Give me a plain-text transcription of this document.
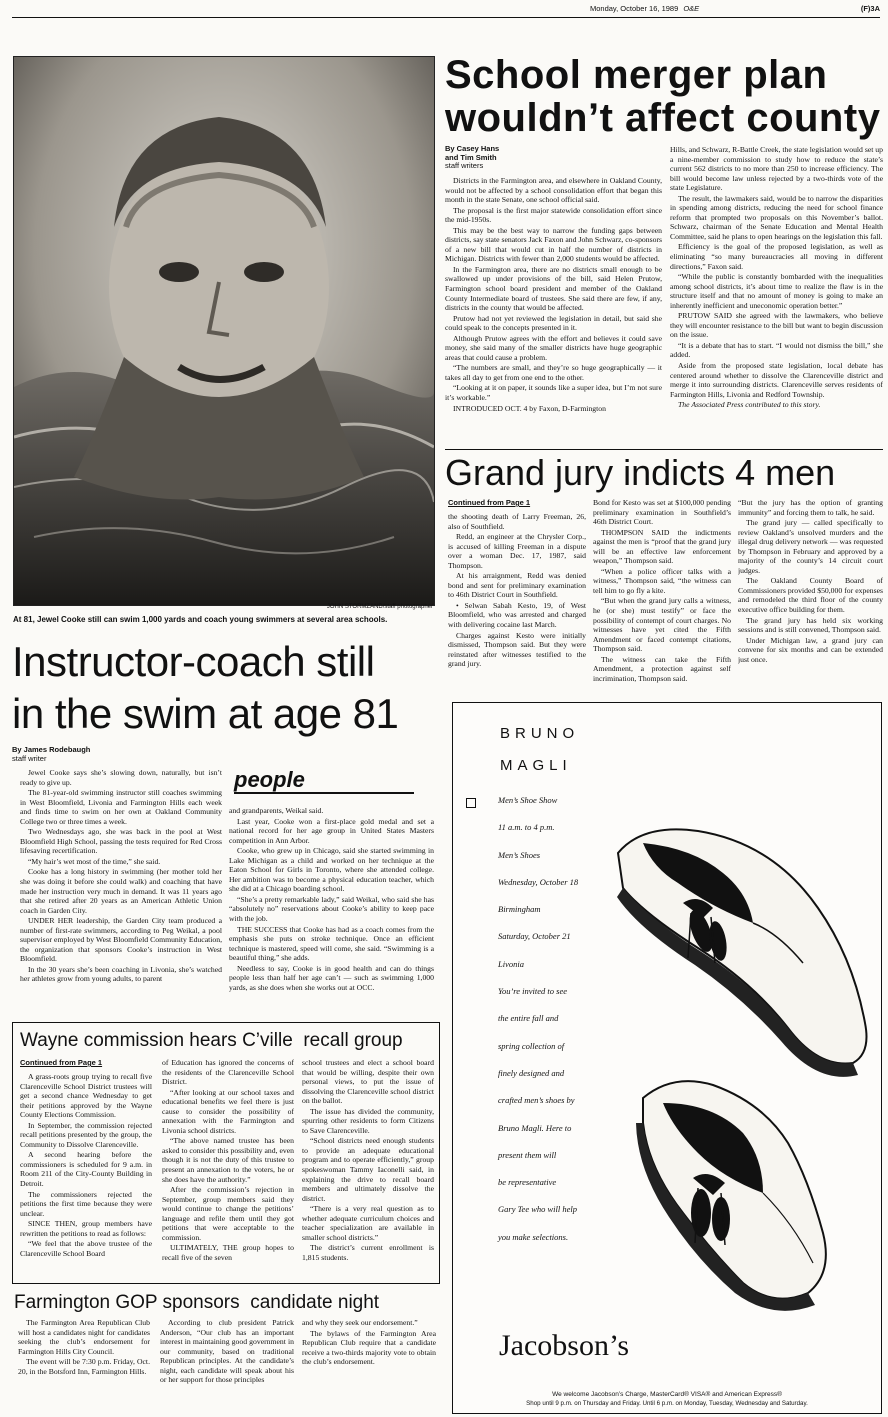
Monday, October 16, 1989 O&E	(F)3A
JOHN STORMZAND/staff photographer
At 81, Jewel Cooke still can swim 1,000 yards and coach young swimmers at several area schools.
School merger plan
wouldn’t affect county
By Casey Hans
and Tim Smith
staff writers

Districts in the Farmington area, and elsewhere in Oakland County, would not be affected by a school consolidation effort that began this month in the state Senate, one school official said.

The proposal is the first major statewide consolidation effort since the mid-1950s.

This may be the best way to narrow the funding gaps between districts, say state senators Jack Faxon and John Schwarz, co-sponsors of a new bill that would cut in half the number of districts in Michigan. Districts with fewer than 2,000 students would be affected.

In the Farmington area, there are no districts small enough to be swallowed up under provisions of the bill, said Helen Prutow, Farmington school board president and member of the Oakland County Intermediate board of trustees. She said there are few, if any, districts in the county that would be affected.

Prutow had not yet reviewed the legislation in detail, but said she could speak to the concepts presented in it.

Although Prutow agrees with the effort and believes it could save money, she said many of the smaller districts have huge geographic areas that could cause a problem.

“The numbers are small, and they’re so huge geographically — it takes all day to get from one end to the other.

“Looking at it on paper, it sounds like a super idea, but I’m not sure it’s workable.”

INTRODUCED OCT. 4 by Faxon, D-Farmington

Hills, and Schwarz, R-Battle Creek, the state legislation would set up a nine-member commission to study how to reduce the state’s current 562 districts to no more than 250 to increase efficiency. The bill would become law unless rejected by a two-thirds vote of the state Legislature.

The result, the lawmakers said, would be to narrow the disparities in spending among districts, reducing the need for school finance reform that prompted two proposals on this November’s ballot. Schwarz, chairman of the Senate Education and Mental Health Committee, said he plans to open hearings on the legislation this fall.

Efficiency is the goal of the proposed legislation, as well as eliminating “so many bureaucracies all moving in different directions,” Faxon said.

“While the public is constantly bombarded with the inequalities among school districts, it’s about time to realize the flaw is in the structure itself and that no amount of money is going to make an inherently inefficient and uneconomic operation better.”

PRUTOW SAID she agreed with the lawmakers, who believe they will encounter resistance to the bill but want to begin discussion on the issue.

“It is a debate that has to start. “I would not dismiss the bill,” she added.

Aside from the proposed state legislation, local debate has centered around whether to dissolve the Clarenceville district and merge it into surrounding districts. Clarenceville serves residents of Farmington Hills, Livonia and Redford Township.

The Associated Press contributed to this story.

Grand jury indicts 4 men
Continued from Page 1

the shooting death of Larry Freeman, 26, also of Southfield.

Redd, an engineer at the Chrysler Corp., is accused of killing Freeman in a dispute over a woman Dec. 17, 1987, said Thompson.

At his arraignment, Redd was denied bond and sent for preliminary examination to 46th District Court in Southfield.

• Selwan Sabah Kesto, 19, of West Bloomfield, who was arrested and charged with delivering cocaine last March.

Charges against Kesto were initially dismissed, Thompson said. But they were reinstated after witnesses testified to the grand jury.

Bond for Kesto was set at $100,000 pending preliminary examination in Southfield’s 46th District Court.

THOMPSON SAID the indictments against the men is “proof that the grand jury will be an effective law enforcement weapon,” Thompson said.

“When a police officer talks with a witness,” Thompson said, “the witness can tell him to go fly a kite.

“But when the grand jury calls a witness, he (or she) must testify” or face the possibility of contempt of court charges. No witnesses have yet cited the Fifth Amendment or faced contempt citations, Thompson said.

The witness can take the Fifth Amendment, a protection against self incrimination, Thompson said.

“But the jury has the option of granting immunity” and forcing them to talk, he said.

The grand jury — called specifically to review Oakland’s unsolved murders and the illegal drug delivery network — was requested by Thompson in February and approved by a majority of the county’s 14 circuit court judges.

The Oakland County Board of Commissioners provided $50,000 for expenses and remodeled the third floor of the county executive office building for them.

The grand jury has held six working sessions and is still convened, Thompson said.

Under Michigan law, a grand jury can convene for six months and can be extended just once.

Instructor-coach still
in the swim at age 81
By James Rodebaugh
staff writer

Jewel Cooke says she’s slowing down, naturally, but isn’t ready to give up.

The 81-year-old swimming instructor still coaches swimming in West Bloomfield, Livonia and Farmington Hills each week and finds time to swim on her own at Oakland Community College two or three times a week.

Two Wednesdays ago, she was back in the pool at West Bloomfield High School, passing the tests required for Red Cross lifesaving recertification.

“My hair’s wet most of the time,” she said.

Cooke has a long history in swimming (her mother told her she was doing it before she could walk) and coaching that have made her instruction very much in demand. It was 11 years ago that she retired after 20 years as an American Athletic Union coach in Garden City.

UNDER HER leadership, the Garden City team produced a number of first-rate swimmers, according to Peg Weikal, a pool supervisor employed by West Bloomfield Community Education, the organization that sponsors Cooke’s instruction in West Bloomfield.

In the 30 years she’s been coaching in Livonia, she’s watched her athletes grow from young adults, to parent

people

and grandparents, Weikal said.

Last year, Cooke won a first-place gold medal and set a national record for her age group in United States Masters competition in Ann Arbor.

Cooke, who grew up in Chicago, said she started swimming in Lake Michigan as a child and worked on her technique at the Eaton School for Girls in Toronto, where she attended college. Her ambition was to become a physical education teacher, which she did at a Chicago boarding school.

“She’s a pretty remarkable lady,” said Weikal, who said she has “absolutely no” reservations about Cooke’s ability to keep pace with the job.

THE SUCCESS that Cooke has had as a coach comes from the emphasis she puts on stroke technique. Once an efficient technique is mastered, speed will come, she said. “Swimming is a beautiful thing,” she adds.

Needless to say, Cooke is in good health and can do things people less than half her age can’t — such as swimming 1,000 yards, as she does when she works out at OCC.

Wayne commission hears C’ville  recall group
Continued from Page 1

A grass-roots group trying to recall five Clarenceville School District trustees will get a second chance Wednesday to get their petitions approved by the Wayne County Elections Commission.

In September, the commission rejected recall petitions presented by the group, the Community to Dissolve Clarenceville.

A second hearing before the commissioners is scheduled for 9 a.m. in Room 211 of the City-County Building in Detroit.

The commissioners rejected the petitions the first time because they were unclear.

SINCE THEN, group members have rewritten the petitions to read as follows:

“We feel that the above trustee of the Clarenceville School Board

of Education has ignored the concerns of the residents of the Clarenceville School District.

“After looking at our school taxes and educational benefits we feel there is just cause to consider the possibility of annexation with the Farmington and Livonia school districts.

“The above named trustee has been asked to consider this possibility and, even though it is not the duty of this trustee to present an annexation to the voters, he or she does have the authority.”

After the commission’s rejection in September, group members said they would continue to change the petitions’ language and refile them until they got petitions that were acceptable to the commission.

ULTIMATELY, THE group hopes to recall five of the seven

school trustees and elect a school board that would be willing, despite their own personal views, to put the issue of dissolving the Clarenceville school district on the ballot.

The issue has divided the community, spurring other residents to form Citizens to Save Clarenceville.

“School districts need enough students to provide an adequate educational program and to operate efficiently,” group spokeswoman Tammy Iaconelli said, in explaining the drive to recall board members and ultimately dissolve the district.

“There is a very real question as to whether adequate curriculum choices and teacher specialization are available in smaller school districts.”

The district’s current enrollment is 1,815 students.

Farmington GOP sponsors  candidate night

The Farmington Area Republican Club will host a candidates night for candidates seeking the club’s endorsement for Farmington Hills City Council.

The event will be 7:30 p.m. Friday, Oct. 20, in the Botsford Inn, Farmington Hills.

According to club president Patrick Anderson, “Our club has an important interest in maintaining good government in our community, based on traditional Republican principles. At the candidate’s night, each candidate will speak about his or her support for those principles

and why they seek our endorsement.”

The bylaws of the Farmington Area Republican Club require that a candidate receive a two-thirds majority vote to obtain the club’s endorsement.

BRUNO
MAGLI
Men’s Shoe Show
11 a.m. to 4 p.m.
Men’s Shoes
Wednesday, October 18
Birmingham
Saturday, October 21
Livonia
You’re invited to see
the entire fall and
spring collection of
finely designed and
crafted men’s shoes by
Bruno Magli. Here to
present them will
be representative
Gary Tee who will help
you make selections.
Jacobson’s
We welcome Jacobson’s Charge, MasterCard® VISA® and American Express®
Shop until 9 p.m. on Thursday and Friday. Until 6 p.m. on Monday, Tuesday, Wednesday and Saturday.
